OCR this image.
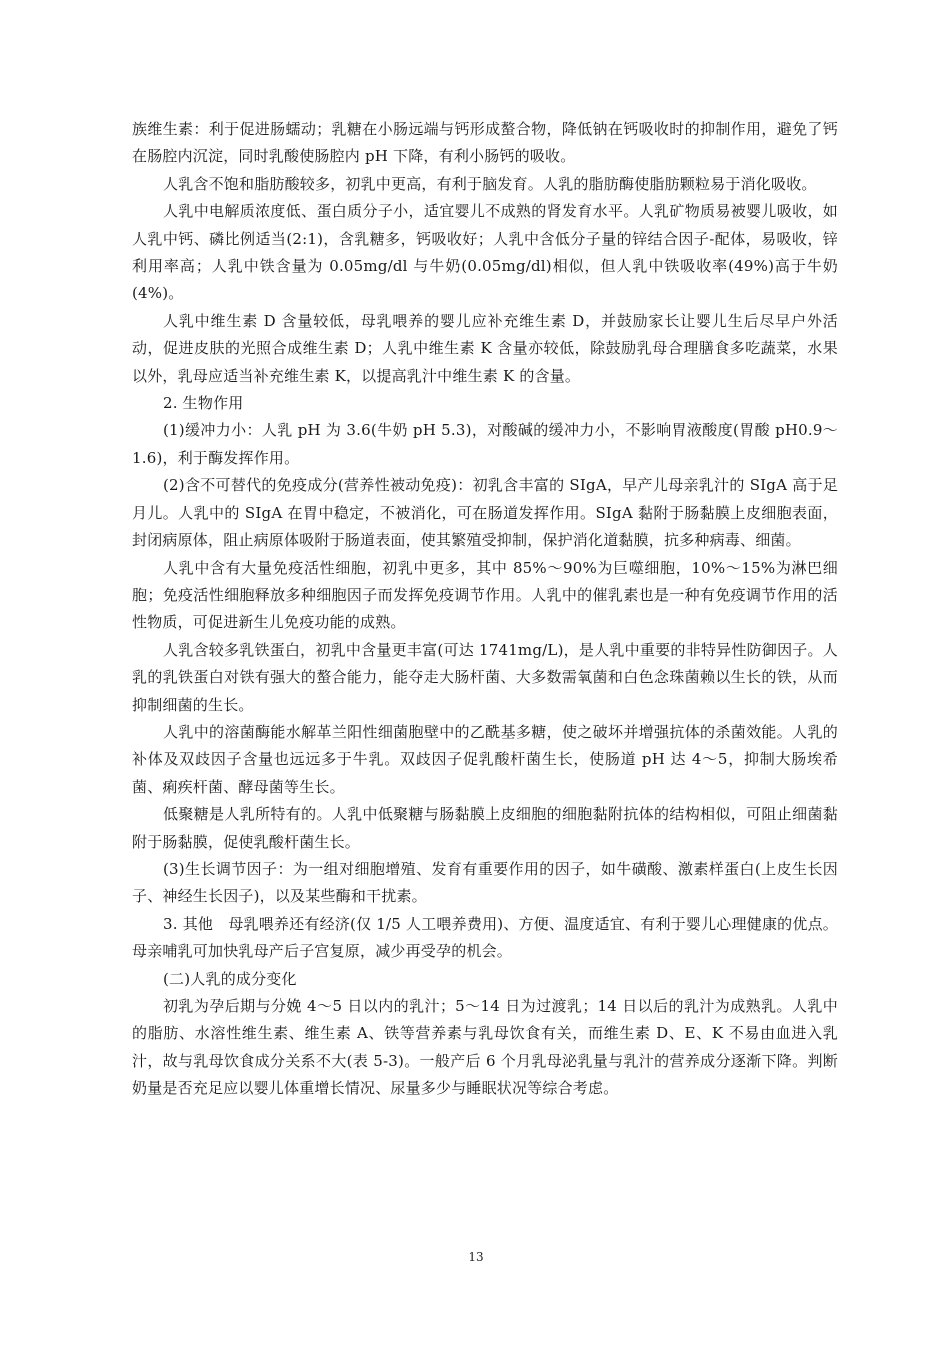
族维生素：利于促进肠蠕动；乳糖在小肠远端与钙形成螯合物，降低钠在钙吸收时的抑制作用，避免了钙在肠腔内沉淀，同时乳酸使肠腔内 pH 下降，有利小肠钙的吸收。

人乳含不饱和脂肪酸较多，初乳中更高，有利于脑发育。人乳的脂肪酶使脂肪颗粒易于消化吸收。

人乳中电解质浓度低、蛋白质分子小，适宜婴儿不成熟的肾发育水平。人乳矿物质易被婴儿吸收，如人乳中钙、磷比例适当(2:1)，含乳糖多，钙吸收好；人乳中含低分子量的锌结合因子-配体，易吸收，锌利用率高；人乳中铁含量为 0.05mg/dl 与牛奶(0.05mg/dl)相似，但人乳中铁吸收率(49%)高于牛奶(4%)。

人乳中维生素 D 含量较低，母乳喂养的婴儿应补充维生素 D，并鼓励家长让婴儿生后尽早户外活动，促进皮肤的光照合成维生素 D；人乳中维生素 K 含量亦较低，除鼓励乳母合理膳食多吃蔬菜，水果以外，乳母应适当补充维生素 K，以提高乳汁中维生素 K 的含量。

2. 生物作用

(1)缓冲力小：人乳 pH 为 3.6(牛奶 pH 5.3)，对酸碱的缓冲力小，不影响胃液酸度(胃酸 pH0.9～1.6)，利于酶发挥作用。

(2)含不可替代的免疫成分(营养性被动免疫)：初乳含丰富的 SIgA，早产儿母亲乳汁的 SIgA 高于足月儿。人乳中的 SIgA 在胃中稳定，不被消化，可在肠道发挥作用。SIgA 黏附于肠黏膜上皮细胞表面，封闭病原体，阻止病原体吸附于肠道表面，使其繁殖受抑制，保护消化道黏膜，抗多种病毒、细菌。

人乳中含有大量免疫活性细胞，初乳中更多，其中 85%～90%为巨噬细胞，10%～15%为淋巴细胞；免疫活性细胞释放多种细胞因子而发挥免疫调节作用。人乳中的催乳素也是一种有免疫调节作用的活性物质，可促进新生儿免疫功能的成熟。

人乳含较多乳铁蛋白，初乳中含量更丰富(可达 1741mg/L)，是人乳中重要的非特异性防御因子。人乳的乳铁蛋白对铁有强大的螯合能力，能夺走大肠杆菌、大多数需氧菌和白色念珠菌赖以生长的铁，从而抑制细菌的生长。

人乳中的溶菌酶能水解革兰阳性细菌胞壁中的乙酰基多糖，使之破坏并增强抗体的杀菌效能。人乳的补体及双歧因子含量也远远多于牛乳。双歧因子促乳酸杆菌生长，使肠道 pH 达 4～5，抑制大肠埃希菌、痢疾杆菌、酵母菌等生长。

低聚糖是人乳所特有的。人乳中低聚糖与肠黏膜上皮细胞的细胞黏附抗体的结构相似，可阻止细菌黏附于肠黏膜，促使乳酸杆菌生长。

(3)生长调节因子：为一组对细胞增殖、发育有重要作用的因子，如牛磺酸、激素样蛋白(上皮生长因子、神经生长因子)，以及某些酶和干扰素。

3. 其他　母乳喂养还有经济(仅 1/5 人工喂养费用)、方便、温度适宜、有利于婴儿心理健康的优点。母亲哺乳可加快乳母产后子宫复原，减少再受孕的机会。

(二)人乳的成分变化

初乳为孕后期与分娩 4～5 日以内的乳汁；5～14 日为过渡乳；14 日以后的乳汁为成熟乳。人乳中的脂肪、水溶性维生素、维生素 A、铁等营养素与乳母饮食有关，而维生素 D、E、K 不易由血进入乳汁，故与乳母饮食成分关系不大(表 5-3)。一般产后 6 个月乳母泌乳量与乳汁的营养成分逐渐下降。判断奶量是否充足应以婴儿体重增长情况、尿量多少与睡眠状况等综合考虑。

13
